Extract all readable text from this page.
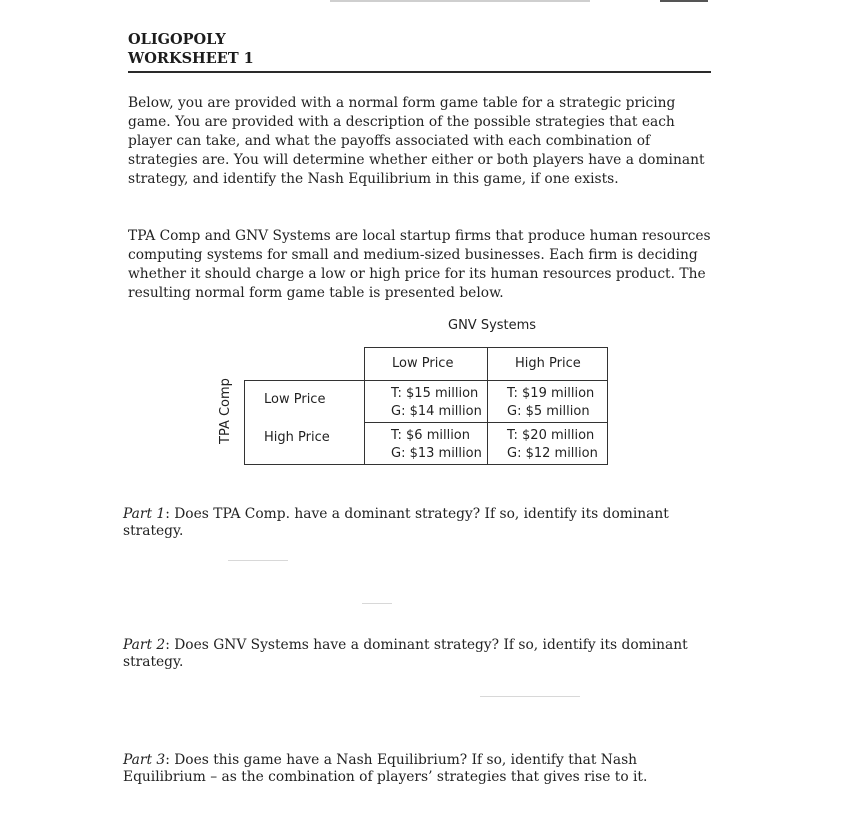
OLIGOPOLY
WORKSHEET 1

Below, you are provided with a normal form game table for a strategic pricing game. You are provided with a description of the possible strategies that each player can take, and what the payoffs associated with each combination of strategies are. You will determine whether either or both players have a dominant strategy, and identify the Nash Equilibrium in this game, if one exists.

TPA Comp and GNV Systems are local startup firms that produce human resources computing systems for small and medium-sized businesses. Each firm is deciding whether it should charge a low or high price for its human resources product. The resulting normal form game table is presented below.

GNV Systems
TPA Comp
Low Price	High Price
Low Price
High Price
T: $15 million
G: $14 million
T: $19 million
G: $5 million
T: $6 million
G: $13 million
T: $20 million
G: $12 million

Part 1: Does TPA Comp. have a dominant strategy? If so, identify its dominant
strategy.

Part 2: Does GNV Systems have a dominant strategy? If so, identify its dominant
strategy.

Part 3: Does this game have a Nash Equilibrium? If so, identify that Nash
Equilibrium – as the combination of players’ strategies that gives rise to it.
